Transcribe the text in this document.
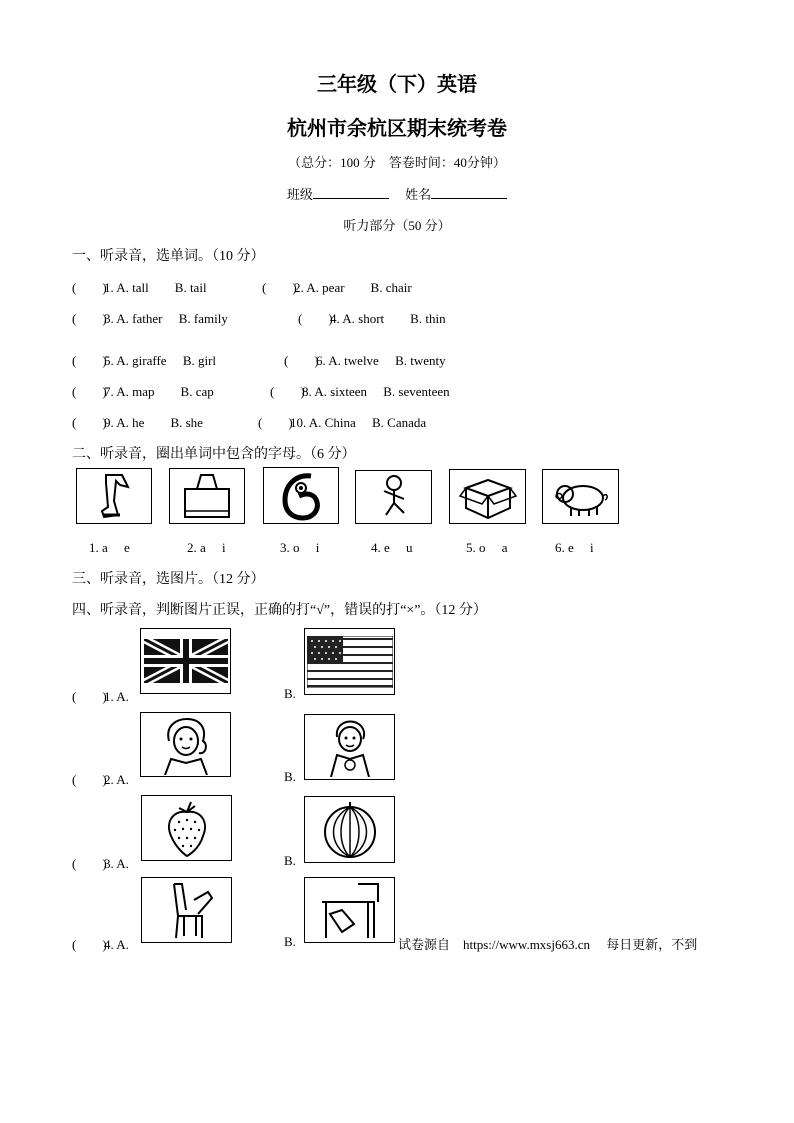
三年级（下）英语
杭州市余杭区期末统考卷
（总分：100 分　答卷时间：40分钟）
班级	姓名
听力部分（50 分）
一、听录音，选单词。（10 分）
(　　)1. A. tall　　B. tail	(　　)2. A. pear　　B. chair
(　　)3. A. father　 B. family	(　　)4. A. short　　B. thin
(　　)5. A. giraffe　 B. girl	(　　)6. A. twelve　 B. twenty
(　　)7. A. map　　B. cap	(　　)8. A. sixteen　 B. seventeen
(　　)9. A. he　　B. she	(　　)10. A. China　 B. Canada
二、听录音，圈出单词中包含的字母。（6 分）
1. a　 e	2. a　 i	3. o　 i	4. e　 u	5. o　 a	6. e　 i
三、听录音，选图片。（12 分）
四、听录音，判断图片正误，正确的打“√”，错误的打“×”。（12 分）
(　　)1. A.	B.
(　　)2. A.	B.
(　　)3. A.	B.
(　　)4. A.	B.	试卷源自　https://www.mxsj663.cn　 每日更新，不到
